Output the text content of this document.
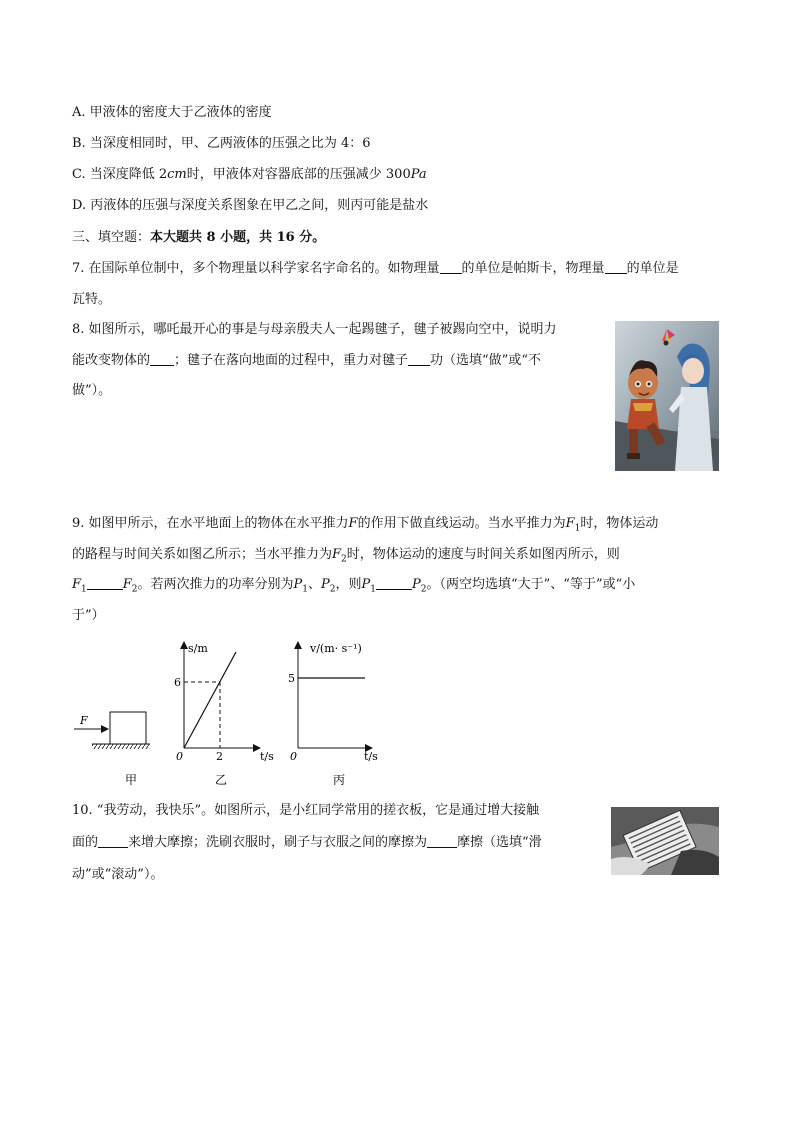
A. 甲液体的密度大于乙液体的密度
B. 当深度相同时，甲、乙两液体的压强之比为 4：6
C. 当深度降低 2cm时，甲液体对容器底部的压强减少 300Pa
D. 丙液体的压强与深度关系图象在甲乙之间，则丙可能是盐水
三、填空题：本大题共 8 小题，共 16 分。
7. 在国际单位制中，多个物理量以科学家名字命名的。如物理量 的单位是帕斯卡，物理量 的单位是
瓦特。
8. 如图所示，哪吒最开心的事是与母亲殷夫人一起踢毽子，毽子被踢向空中，说明力
能改变物体的 ；毽子在落向地面的过程中，重力对毽子 功（选填“做”或“不
做”）。
9. 如图甲所示，在水平地面上的物体在水平推力F的作用下做直线运动。当水平推力为$F_1$时，物体运动
的路程与时间关系如图乙所示；当水平推力为$F_2$时，物体运动的速度与时间关系如图丙所示，则
$F_1$	$F_2$。若两次推力的功率分别为$P_1$、$P_2$，则$P_1$	$P_2$。（两空均选填“大于”、“等于”或“小
于”）
F
甲
s/m
t/s
0
6
2
乙
v/(m· s⁻¹)
t/s
0
5
丙
10. “我劳动，我快乐”。如图所示，是小红同学常用的搓衣板，它是通过增大接触
面的 来增大摩擦；洗刷衣服时，刷子与衣服之间的摩擦为 摩擦（选填“滑
动”或“滚动”）。
